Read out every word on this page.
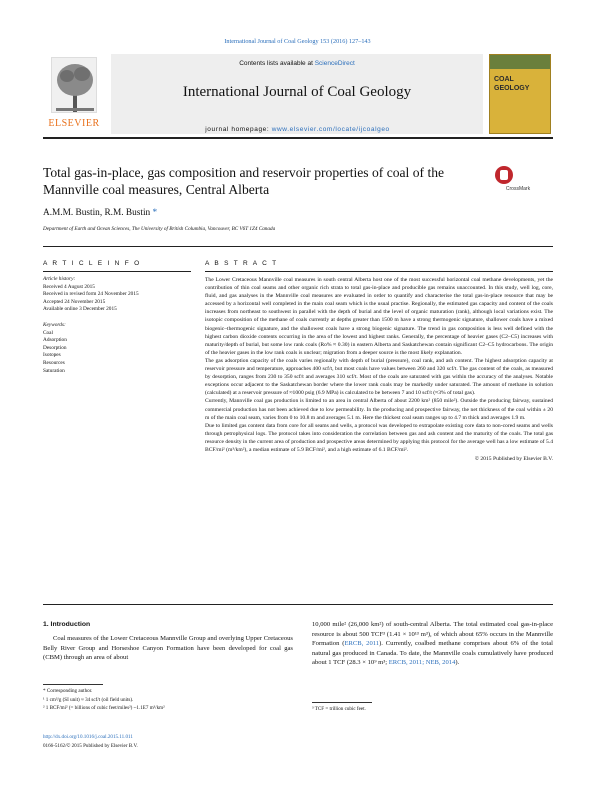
International Journal of Coal Geology 153 (2016) 127–143
ELSEVIER
Contents lists available at ScienceDirect
International Journal of Coal Geology
COAL GEOLOGY
journal homepage: www.elsevier.com/locate/ijcoalgeo
Total gas-in-place, gas composition and reservoir properties of coal of the
Mannville coal measures, Central Alberta	CrossMark
A.M.M. Bustin, R.M. Bustin *
Department of Earth and Ocean Sciences, The University of British Columbia, Vancouver, BC V6T 1Z4 Canada
A R T I C L E I N F O
Article history:
Received 4 August 2015
Received in revised form 24 November 2015
Accepted 24 November 2015
Available online 3 December 2015
Keywords:
Coal
Adsorption
Desorption
Isotopes
Resources
Saturation
A B S T R A C T

The Lower Cretaceous Mannville coal measures in south central Alberta host one of the most successful horizontal coal methane developments, yet the contribution of thin coal seams and other organic rich strata to total gas-in-place and producible gas remains unaccounted. In this study, well log, core, fluid, and gas analyses in the Mannville coal measures are evaluated in order to quantify and characterise the total gas-in-place resource that may be accessed by a horizontal well completed in the main coal seam which is the usual practise. Regionally, the estimated gas capacity and content of the coals increases from northeast to southwest in parallel with the depth of burial and the level of organic maturation (rank), although local variations exist. The isotopic composition of the methane of coals currently at depths greater than 1500 m have a strong thermogenic signature, shallower coals have a mixed biogenic–thermogenic signature, and the shallowest coals have a strong biogenic signature. The trend in gas composition is less well defined with the highest carbon dioxide contents occurring in the area of the lowest and highest ranks. Generally, the percentage of heavier gases (C2–C5) increases with maturity/depth of burial, but some low rank coals (Ro% ≈ 0.30) in eastern Alberta and Saskatchewan contain significant C2–C5 hydrocarbons. The origin of the heavier gases in the low rank coals is unclear; migration from a deeper source is the most likely explanation.

The gas adsorption capacity of the coals varies regionally with depth of burial (pressure), coal rank, and ash content. The highest adsorption capacity at reservoir pressure and temperature, approaches 400 scf/t, but most coals have values between 260 and 320 scf/t. The gas content of the coals, as measured by desorption, ranges from 230 to 350 scf/t and averages 310 scf/t. Most of the coals are saturated with gas within the accuracy of the analyses. Notable exceptions occur adjacent to the Saskatchewan border where the lower rank coals may be markedly under saturated. The amount of methane in solution (calculated) at a reservoir pressure of ≈1000 psig (6.9 MPa) is calculated to be between 7 and 10 scf/t (≈3% of total gas).

Currently, Mannville coal gas production is limited to an area in central Alberta of about 2200 km² (850 mile²). Outside the producing fairway, sustained commercial production has not been achieved due to low permeability. In the producing and prospective fairway, the net thickness of the coal within ± 20 m of the main coal seam, varies from 0 to 10.8 m and averages 5.1 m. Here the thickest coal seam ranges up to 4.7 m thick and averages 1.9 m.

Due to limited gas content data from core for all seams and wells, a protocol was developed to extrapolate existing core data to non-cored seams and wells through petrophysical logs. The protocol takes into consideration the correlation between gas and ash content and the maturity of the coals. The total gas resource density in the current area of production and prospective areas determined by applying this protocol for the average well has a low estimate of 5.4 BCF/mi² (m³/km²), a median estimate of 5.9 BCF/mi², and a high estimate of 6.1 BCF/mi².

© 2015 Published by Elsevier B.V.
1. Introduction

Coal measures of the Lower Cretaceous Mannville Group and overlying Upper Cretaceous Belly River Group and Horseshoe Canyon Formation have been developed for coal gas (CBM) through an area of about

10,000 mile² (26,000 km²) of south-central Alberta. The total estimated coal gas-in-place resource is about 500 TCF³ (1.41 × 10¹³ m³), of which about 65% occurs in the Mannville Formation (ERCB, 2011). Currently, coalbed methane comprises about 6% of the total natural gas produced in Canada. To date, the Mannville coals cumulatively have produced about 1 TCF (28.3 × 10⁹ m³; ERCB, 2011; NEB, 2014).

* Corresponding author.
¹ 1 cm³/g (SI unit) ≈ 34 scf/t (oil field units).
² 1 BCF/mi² (= billions of cubic feet/miles²) ~1.1E7 m³/km²	³ TCF = trillion cubic feet.
http://dx.doi.org/10.1016/j.coal.2015.11.011
0166-5162/© 2015 Published by Elsevier B.V.
